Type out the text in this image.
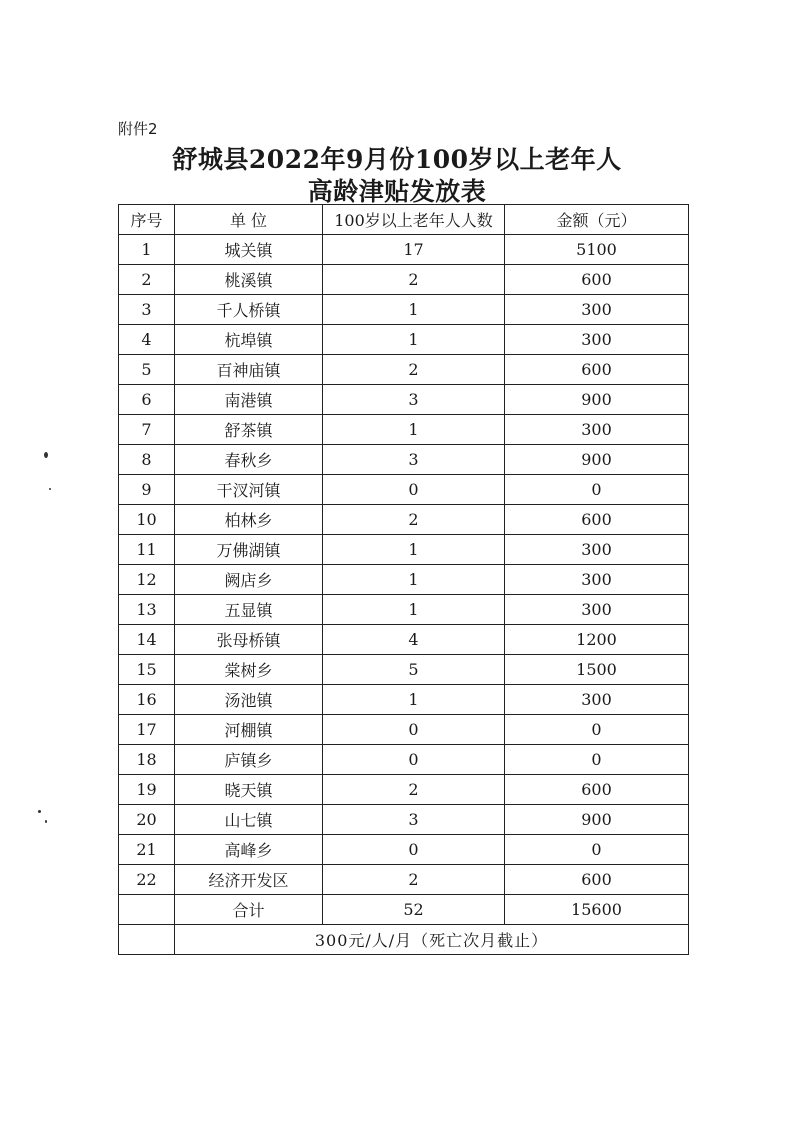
附件2
舒城县2022年9月份100岁以上老年人
高龄津贴发放表
序号	单 位	100岁以上老年人人数	金额（元）
1	城关镇	17	5100
2	桃溪镇	2	600
3	千人桥镇	1	300
4	杭埠镇	1	300
5	百神庙镇	2	600
6	南港镇	3	900
7	舒茶镇	1	300
8	春秋乡	3	900
9	干汊河镇	0	0
10	柏林乡	2	600
11	万佛湖镇	1	300
12	阙店乡	1	300
13	五显镇	1	300
14	张母桥镇	4	1200
15	棠树乡	5	1500
16	汤池镇	1	300
17	河棚镇	0	0
18	庐镇乡	0	0
19	晓天镇	2	600
20	山七镇	3	900
21	高峰乡	0	0
22	经济开发区	2	600
	合计	52	15600
	300元/人/月（死亡次月截止）		
